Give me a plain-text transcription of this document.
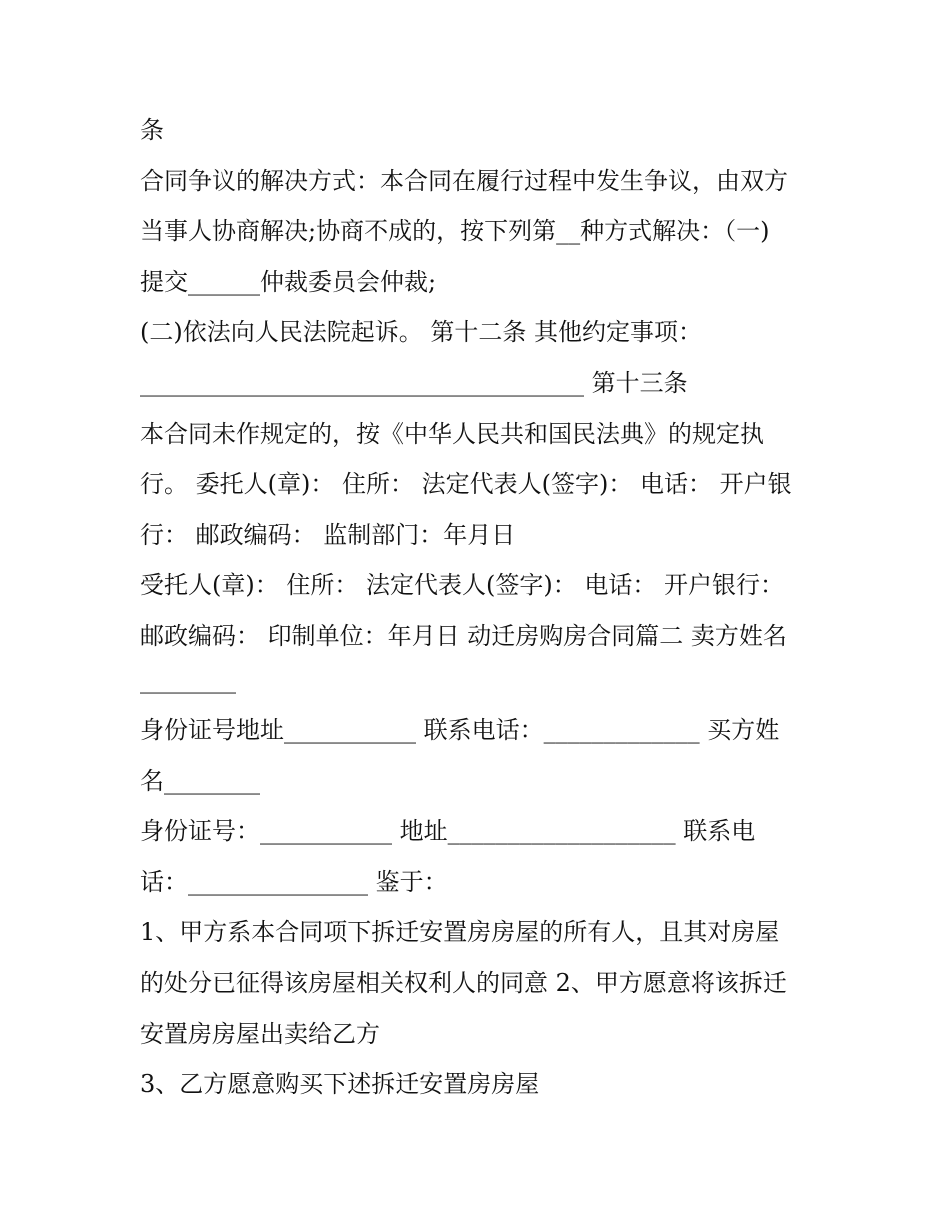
条
合同争议的解决方式：本合同在履行过程中发生争议，由双方
当事人协商解决;协商不成的，按下列第__种方式解决：（一)
提交______仲裁委员会仲裁;
(二)依法向人民法院起诉。 第十二条 其他约定事项：
_____________________________________ 第十三条
本合同未作规定的，按《中华人民共和国民法典》的规定执
行。 委托人(章)： 住所： 法定代表人(签字)： 电话： 开户银
行： 邮政编码： 监制部门：年月日
受托人(章)： 住所： 法定代表人(签字)： 电话： 开户银行：
邮政编码： 印制单位：年月日 动迁房购房合同篇二 卖方姓名
________
身份证号地址___________ 联系电话：_____________ 买方姓
名________
身份证号：___________ 地址___________________ 联系电
话：_______________ 鉴于：
1、甲方系本合同项下拆迁安置房房屋的所有人，且其对房屋
的处分已征得该房屋相关权利人的同意 2、甲方愿意将该拆迁
安置房房屋出卖给乙方
3、乙方愿意购买下述拆迁安置房房屋
